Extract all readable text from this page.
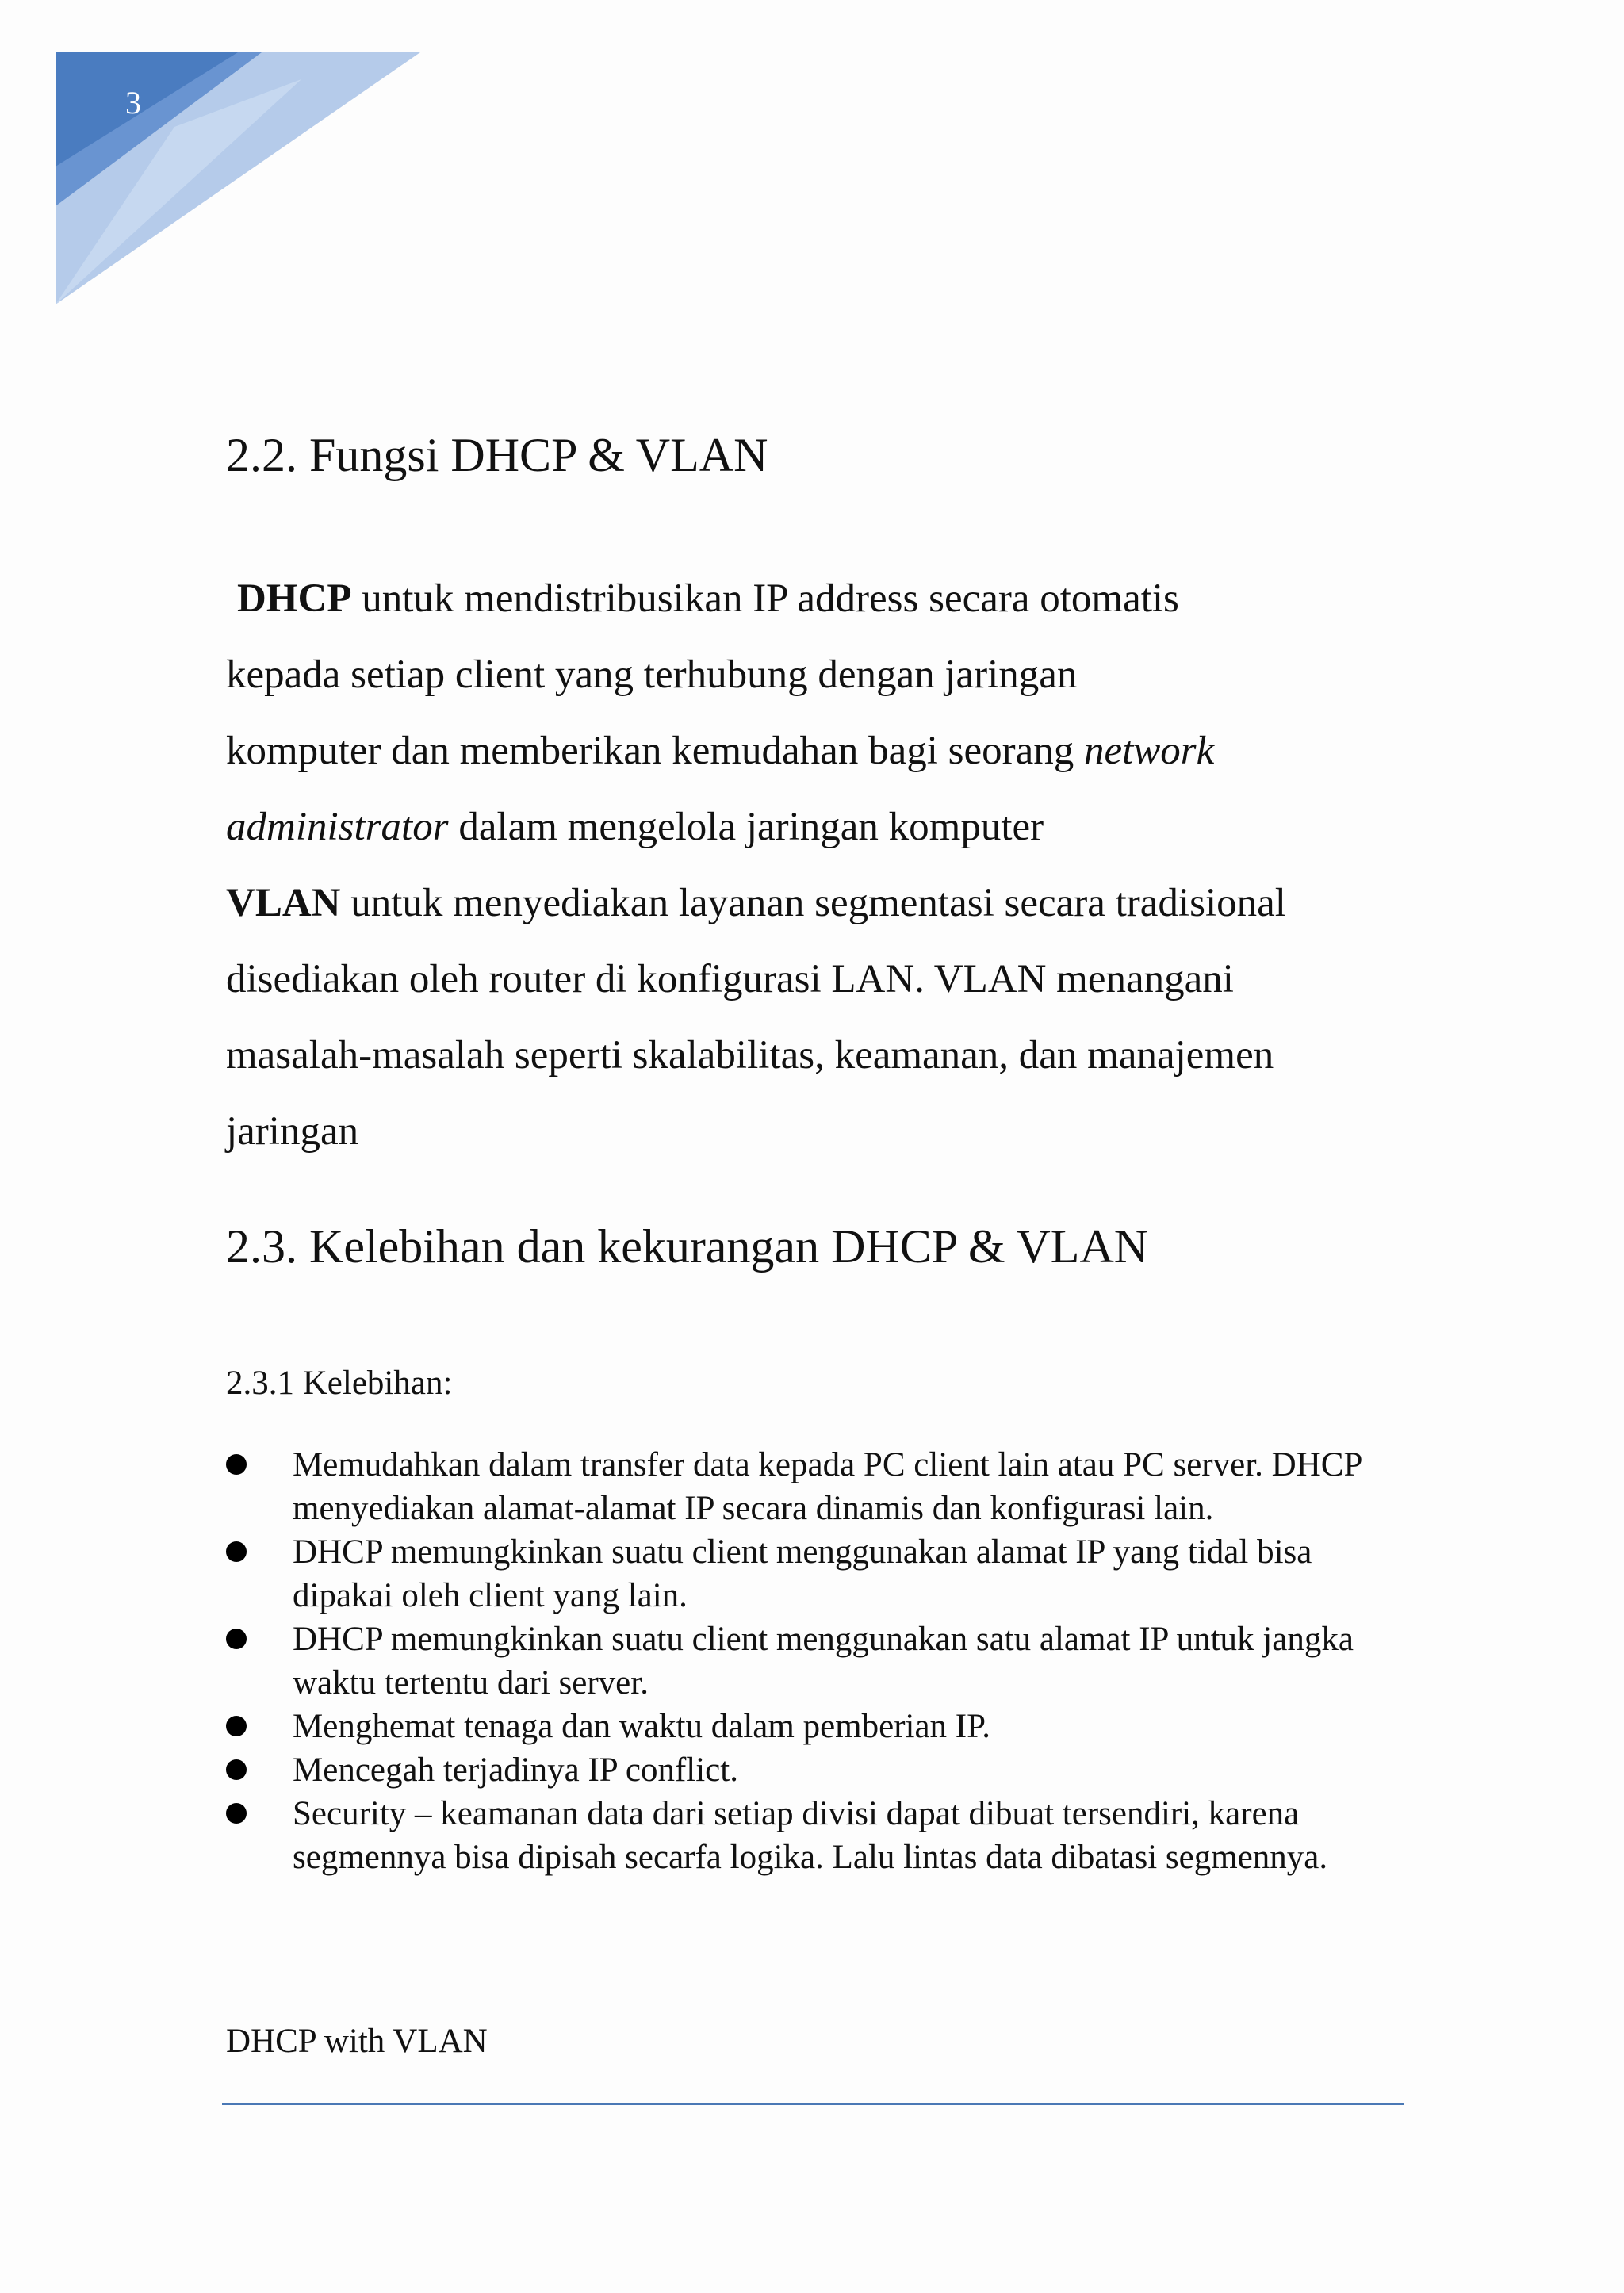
3
2.2. Fungsi DHCP & VLAN
DHCP untuk mendistribusikan IP address secara otomatis
kepada setiap client yang terhubung dengan jaringan
komputer dan memberikan kemudahan bagi seorang network
administrator dalam mengelola jaringan komputer
VLAN untuk menyediakan layanan segmentasi secara tradisional
disediakan oleh router di konfigurasi LAN. VLAN menangani
masalah-masalah seperti skalabilitas, keamanan, dan manajemen
jaringan
2.3. Kelebihan dan kekurangan DHCP & VLAN
2.3.1 Kelebihan:
Memudahkan dalam transfer data kepada PC client lain atau PC server. DHCP menyediakan alamat-alamat IP secara dinamis dan konfigurasi lain.
DHCP memungkinkan suatu client menggunakan alamat IP yang tidal bisa dipakai oleh client yang lain.
DHCP memungkinkan suatu client menggunakan satu alamat IP untuk jangka waktu tertentu dari server.
Menghemat tenaga dan waktu dalam pemberian IP.
Mencegah terjadinya IP conflict.
Security – keamanan data dari setiap divisi dapat dibuat tersendiri, karena segmennya bisa dipisah secarfa logika. Lalu lintas data dibatasi segmennya.
DHCP with VLAN
